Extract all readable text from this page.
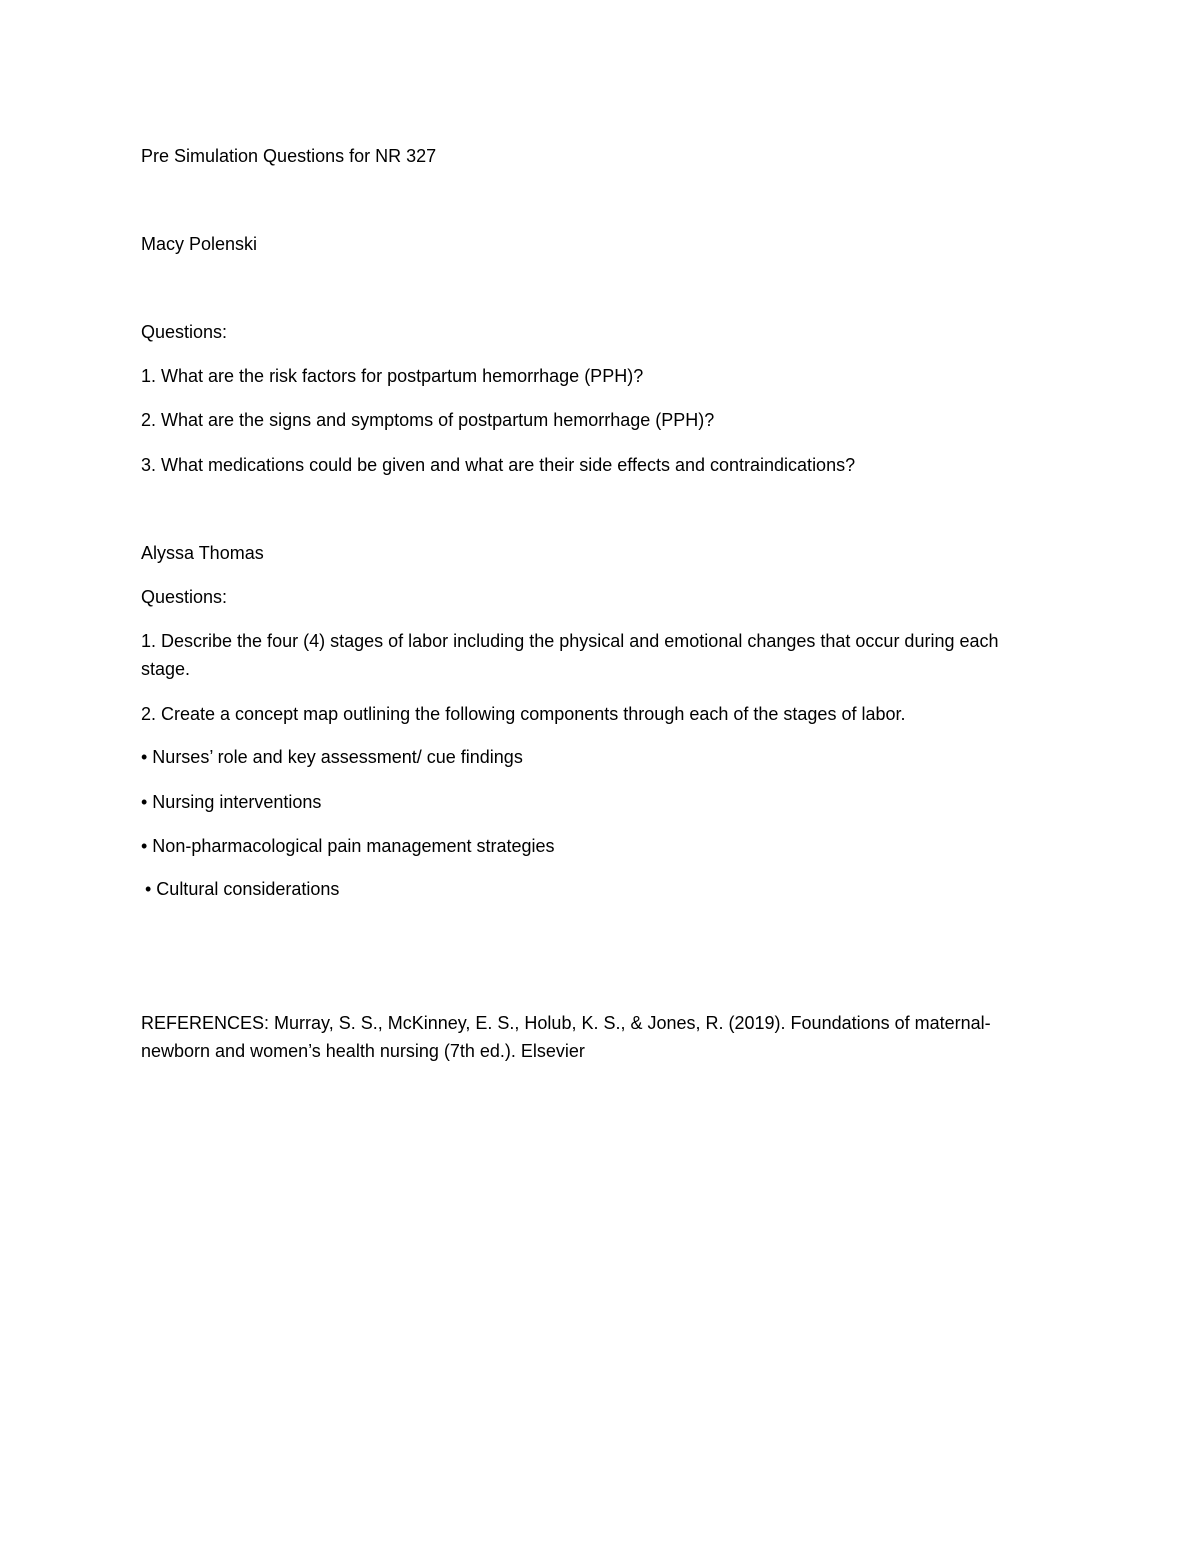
Pre Simulation Questions for NR 327
Macy Polenski
Questions:
1. What are the risk factors for postpartum hemorrhage (PPH)?
2. What are the signs and symptoms of postpartum hemorrhage (PPH)?
3. What medications could be given and what are their side effects and contraindications?
Alyssa Thomas
Questions:
1. Describe the four (4) stages of labor including the physical and emotional changes that occur during each stage.
2. Create a concept map outlining the following components through each of the stages of labor.
• Nurses’ role and key assessment/ cue findings
• Nursing interventions
• Non-pharmacological pain management strategies
• Cultural considerations
REFERENCES: Murray, S. S., McKinney, E. S., Holub, K. S., & Jones, R. (2019). Foundations of maternal-newborn and women’s health nursing (7th ed.). Elsevier
